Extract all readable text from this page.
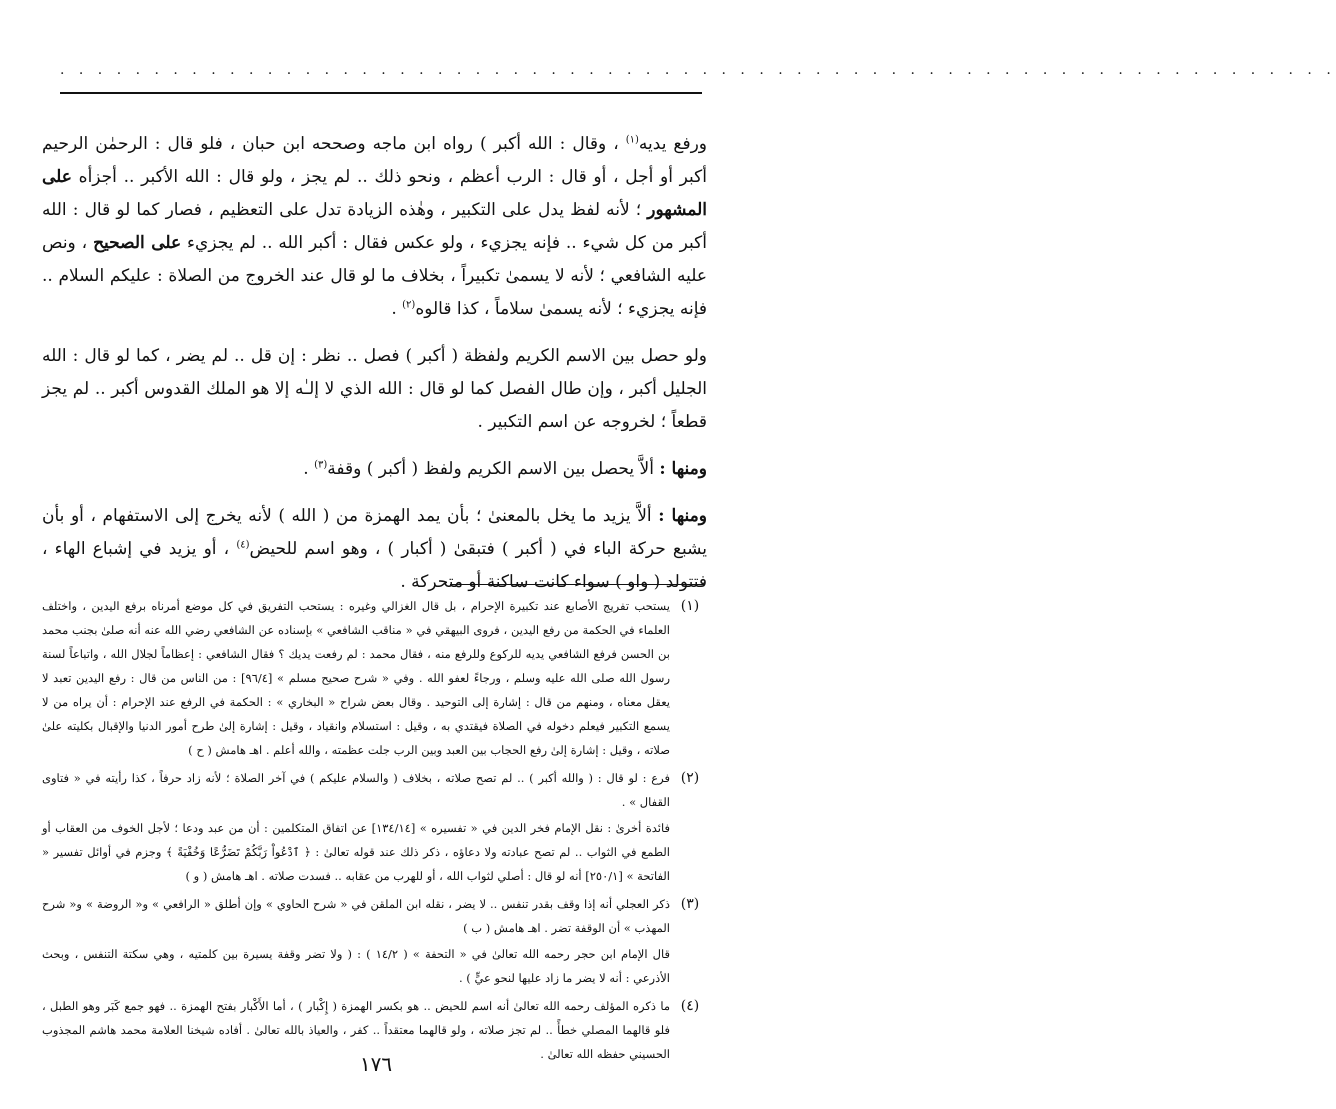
· · · · · · · · · · · · · · · · · · · · · · · · · · · · · · · · · · · · · · · · · · · · · · · · · · · · · · · · · · · · · · · · · · · ·

ورفع يديه$^{(١)}$ ، وقال : الله أكبر ) رواه ابن ماجه وصححه ابن حبان ، فلو قال : الرحمٰن الرحيم أكبر أو أجل ، أو قال : الرب أعظم ، ونحو ذلك .. لم يجز ، ولو قال : الله الأكبر .. أجزأه على المشهور ؛ لأنه لفظ يدل على التكبير ، وهٰذه الزيادة تدل على التعظيم ، فصار كما لو قال : الله أكبر من كل شيء .. فإنه يجزيء ، ولو عكس فقال : أكبر الله .. لم يجزيء على الصحيح ، ونص عليه الشافعي ؛ لأنه لا يسمىٰ تكبيراً ، بخلاف ما لو قال عند الخروج من الصلاة : عليكم السلام .. فإنه يجزيء ؛ لأنه يسمىٰ سلاماً ، كذا قالوه$^{(٢)}$ .

ولو حصل بين الاسم الكريم ولفظة ( أكبر ) فصل .. نظر : إن قل .. لم يضر ، كما لو قال : الله الجليل أكبر ، وإن طال الفصل كما لو قال : الله الذي لا إلـٰه إلا هو الملك القدوس أكبر .. لم يجز قطعاً ؛ لخروجه عن اسم التكبير .

ومنها : ألاَّ يحصل بين الاسم الكريم ولفظ ( أكبر ) وقفة$^{(٣)}$ .

ومنها : ألاَّ يزيد ما يخل بالمعنىٰ ؛ بأن يمد الهمزة من ( الله ) لأنه يخرج إلى الاستفهام ، أو بأن يشبع حركة الباء في ( أكبر ) فتبقىٰ ( أكبار ) ، وهو اسم للحيض$^{(٤)}$ ، أو يزيد في إشباع الهاء ، فتتولد ( واو ) سواء كانت ساكنة أو متحركة .

(١)

يستحب تفريج الأصابع عند تكبيرة الإحرام ، بل قال الغزالي وغيره : يستحب التفريق في كل موضع أمرناه برفع اليدين ، واختلف العلماء في الحكمة من رفع اليدين ، فروى البيهقي في « مناقب الشافعي » بإسناده عن الشافعي رضي الله عنه أنه صلىٰ بجنب محمد بن الحسن فرفع الشافعي يديه للركوع وللرفع منه ، فقال محمد : لم رفعت يديك ؟ فقال الشافعي : إعظاماً لجلال الله ، واتباعاً لسنة رسول الله صلى الله عليه وسلم ، ورجاءً لعفو الله . وفي « شرح صحيح مسلم » [٩٦/٤] : من الناس من قال : رفع اليدين تعبد لا يعقل معناه ، ومنهم من قال : إشارة إلى التوحيد . وقال بعض شراح « البخاري » : الحكمة في الرفع عند الإحرام : أن يراه من لا يسمع التكبير فيعلم دخوله في الصلاة فيقتدي به ، وقيل : استسلام وانقياد ، وقيل : إشارة إلىٰ طرح أمور الدنيا والإقبال بكليته علىٰ صلاته ، وقيل : إشارة إلىٰ رفع الحجاب بين العبد وبين الرب جلت عظمته ، والله أعلم . اهـ هامش ( ح )

(٢)

فرع : لو قال : ( والله أكبر ) .. لم تصح صلاته ، بخلاف ( والسلام عليكم ) في آخر الصلاة ؛ لأنه زاد حرفاً ، كذا رأيته في « فتاوى القفال » .

فائدة أخرىٰ : نقل الإمام فخر الدين في « تفسيره » [١٣٤/١٤] عن اتفاق المتكلمين : أن من عبد ودعا ؛ لأجل الخوف من العقاب أو الطمع في الثواب .. لم تصح عبادته ولا دعاؤه ، ذكر ذلك عند قوله تعالىٰ : ﴿ ٱدْعُواْ رَبَّكُمْ تَضَرُّعًا وَخُفْيَةً ﴾ وجزم في أوائل تفسير « الفاتحة » [٢٥٠/١] أنه لو قال : أصلي لثواب الله ، أو للهرب من عقابه .. فسدت صلاته . اهـ هامش ( و )

(٣)

ذكر العجلي أنه إذا وقف بقدر تنفس .. لا يضر ، نقله ابن الملقن في « شرح الحاوي » وإن أطلق « الرافعي » و« الروضة » و« شرح المهذب » أن الوقفة تضر . اهـ هامش ( ب )

قال الإمام ابن حجر رحمه الله تعالىٰ في « التحفة » ( ١٤/٢ ) : ( ولا تضر وقفة يسيرة بين كلمتيه ، وهي سكتة التنفس ، وبحث الأذرعي : أنه لا يضر ما زاد عليها لنحو عيٍّ ) .

(٤)

ما ذكره المؤلف رحمه الله تعالىٰ أنه اسم للحيض .. هو بكسر الهمزة ( إِكْبار ) ، أما الأَكْبار بفتح الهمزة .. فهو جمع كَبَر وهو الطبل ، فلو قالهما المصلي خطأً .. لم تجز صلاته ، ولو قالهما معتقداً .. كفر ، والعياذ بالله تعالىٰ . أفاده شيخنا العلامة محمد هاشم المجذوب الحسيني حفظه الله تعالىٰ .

١٧٦
